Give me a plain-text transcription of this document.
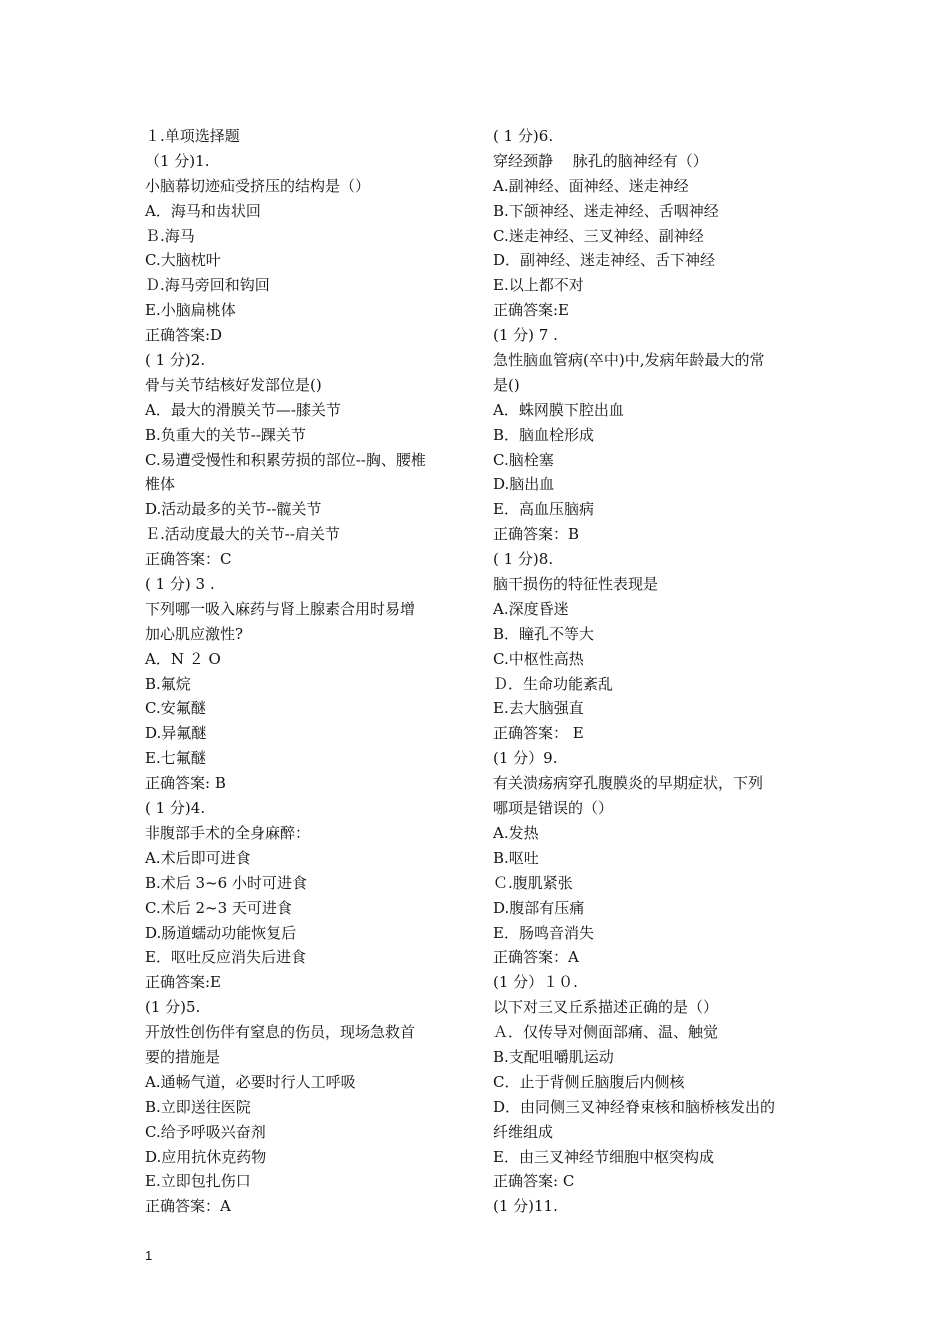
１.单项选择题
（1 分)1.
小脑幕切迹疝受挤压的结构是（）
A．海马和齿状回
Ｂ.海马
C.大脑枕叶
Ｄ.海马旁回和钩回
E.小脑扁桃体
正确答案:D
( 1 分)2.
骨与关节结核好发部位是()
A．最大的滑膜关节—-膝关节
B.负重大的关节--踝关节
C.易遭受慢性和积累劳损的部位--胸、腰椎
椎体
D.活动最多的关节--髋关节
Ｅ.活动度最大的关节--肩关节
正确答案：C
( 1 分) 3 .
下列哪一吸入麻药与肾上腺素合用时易增
加心肌应激性?
A．N ２ O
B.氟烷
C.安氟醚
D.异氟醚
E.七氟醚
正确答案: B
( 1 分)4.
非腹部手术的全身麻醉：
A.术后即可进食
B.术后 3~6 小时可进食
C.术后 2~3 天可进食
D.肠道蠕动功能恢复后
E．呕吐反应消失后进食
正确答案:E
(1 分)5.
开放性创伤伴有窒息的伤员，现场急救首
要的措施是
A.通畅气道，必要时行人工呼吸
B.立即送往医院
C.给予呼吸兴奋剂
D.应用抗休克药物
E.立即包扎伤口
正确答案：A
( 1 分)6.
穿经颈静　 脉孔的脑神经有（）
A.副神经、面神经、迷走神经
B.下颌神经、迷走神经、舌咽神经
C.迷走神经、三叉神经、副神经
D．副神经、迷走神经、舌下神经
E.以上都不对
正确答案:E
(1 分) 7 .
急性脑血管病(卒中)中,发病年龄最大的常
是()
A．蛛网膜下腔出血
B．脑血栓形成
C.脑栓塞
D.脑出血
E．高血压脑病
正确答案：B
( 1 分)8.
脑干损伤的特征性表现是
A.深度昏迷
B．瞳孔不等大
C.中枢性高热
Ｄ．生命功能紊乱
E.去大脑强直
正确答案： E
(1 分）9.
有关溃疡病穿孔腹膜炎的早期症状，下列
哪项是错误的（）
A.发热
B.呕吐
Ｃ.腹肌紧张
D.腹部有压痛
E．肠鸣音消失
正确答案：A
(1 分）１０.
以下对三叉丘系描述正确的是（）
Ａ．仅传导对侧面部痛、温、触觉
B.支配咀嚼肌运动
C．止于背侧丘脑腹后内侧核
D．由同侧三叉神经脊束核和脑桥核发出的
纤维组成
E．由三叉神经节细胞中枢突构成
正确答案: C
(1 分)11.
1
